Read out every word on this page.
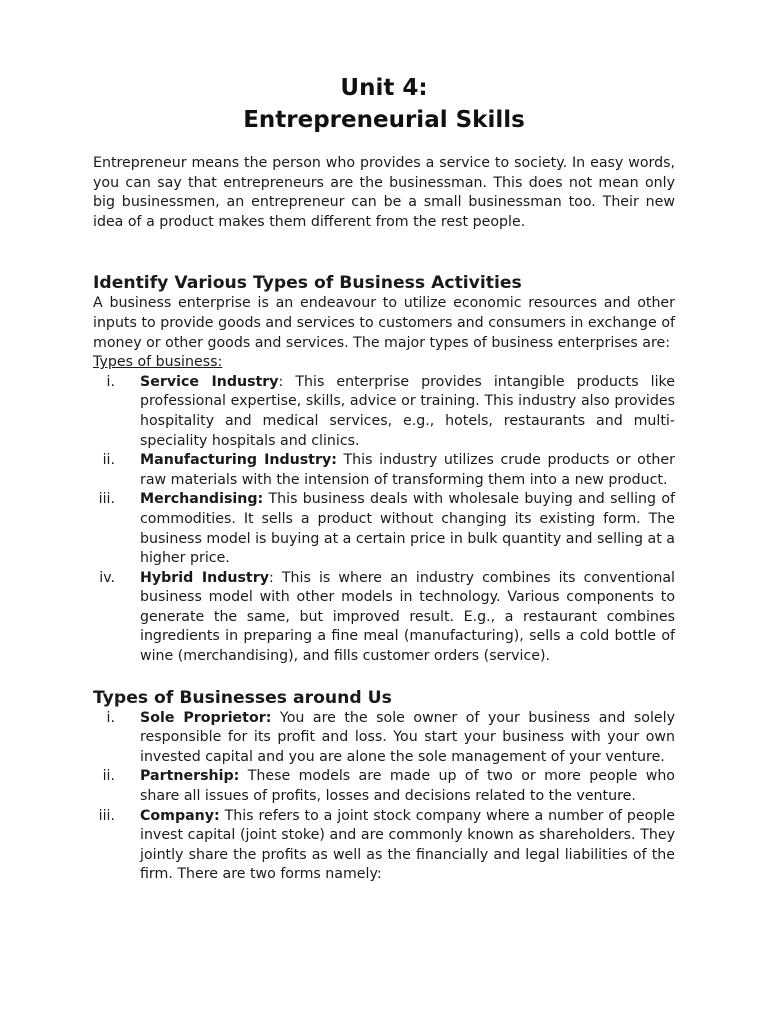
Unit 4:
Entrepreneurial Skills

Entrepreneur means the person who provides a service to society. In easy words, you can say that entrepreneurs are the businessman. This does not mean only big businessmen, an entrepreneur can be a small businessman too. Their new idea of a product makes them different from the rest people.

Identify Various Types of Business Activities

A business enterprise is an endeavour to utilize economic resources and other inputs to provide goods and services to customers and consumers in exchange of money or other goods and services. The major types of business enterprises are:

Types of business:

i. Service Industry: This enterprise provides intangible products like professional expertise, skills, advice or training. This industry also provides hospitality and medical services, e.g., hotels, restaurants and multi-speciality hospitals and clinics.
ii. Manufacturing Industry: This industry utilizes crude products or other raw materials with the intension of transforming them into a new product.
iii. Merchandising: This business deals with wholesale buying and selling of commodities. It sells a product without changing its existing form. The business model is buying at a certain price in bulk quantity and selling at a higher price.
iv. Hybrid Industry: This is where an industry combines its conventional business model with other models in technology. Various components to generate the same, but improved result. E.g., a restaurant combines ingredients in preparing a fine meal (manufacturing), sells a cold bottle of wine (merchandising), and fills customer orders (service).
Types of Businesses around Us
i. Sole Proprietor: You are the sole owner of your business and solely responsible for its profit and loss. You start your business with your own invested capital and you are alone the sole management of your venture.
ii. Partnership: These models are made up of two or more people who share all issues of profits, losses and decisions related to the venture.
iii. Company: This refers to a joint stock company where a number of people invest capital (joint stoke) and are commonly known as shareholders. They jointly share the profits as well as the financially and legal liabilities of the firm. There are two forms namely:
